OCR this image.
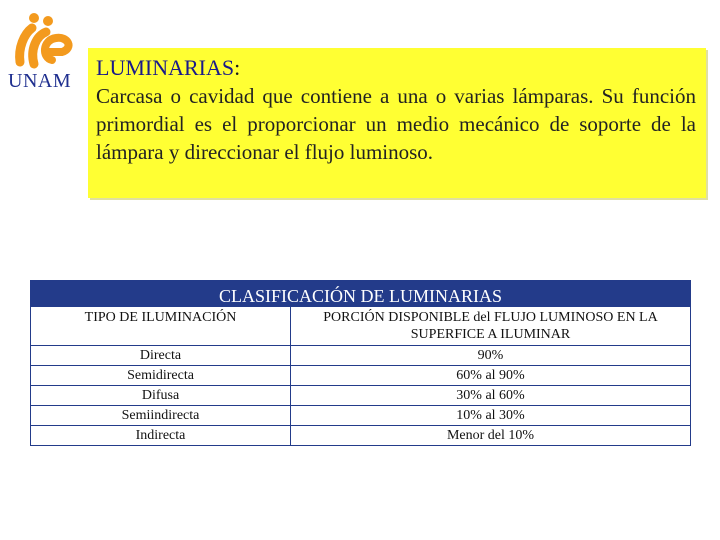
UNAM
LUMINARIAS:
Carcasa o cavidad que contiene a una o varias lámparas. Su función primordial es el proporcionar un medio mecánico de soporte de la lámpara y direccionar el flujo luminoso.
CLASIFICACIÓN DE LUMINARIAS
TIPO DE ILUMINACIÓN	PORCIÓN DISPONIBLE del FLUJO LUMINOSO EN LA SUPERFICE A ILUMINAR
Directa	90%
Semidirecta	60% al 90%
Difusa	30% al 60%
Semiindirecta	10% al 30%
Indirecta	Menor del 10%
